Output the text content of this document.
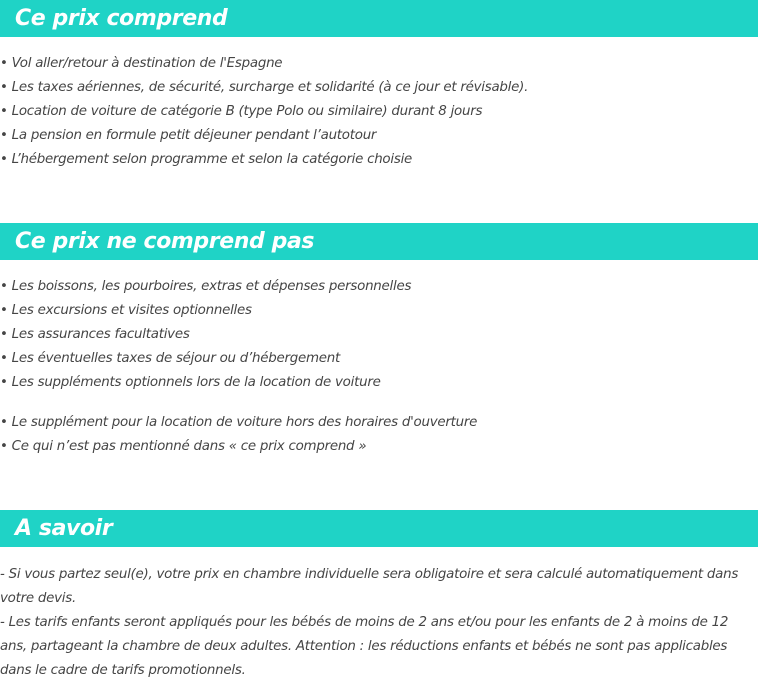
Ce prix comprend
• Vol aller/retour à destination de l'Espagne
• Les taxes aériennes, de sécurité, surcharge et solidarité (à ce jour et révisable).
• Location de voiture de catégorie B (type Polo ou similaire) durant 8 jours
• La pension en formule petit déjeuner pendant l’autotour
• L’hébergement selon programme et selon la catégorie choisie
Ce prix ne comprend pas
• Les boissons, les pourboires, extras et dépenses personnelles
• Les excursions et visites optionnelles
• Les assurances facultatives
• Les éventuelles taxes de séjour ou d’hébergement
• Les suppléments optionnels lors de la location de voiture
• Le supplément pour la location de voiture hors des horaires d'ouverture
• Ce qui n’est pas mentionné dans « ce prix comprend »
A savoir

- Si vous partez seul(e), votre prix en chambre individuelle sera obligatoire et sera calculé automatiquement dans votre devis.

- Les tarifs enfants seront appliqués pour les bébés de moins de 2 ans et/ou pour les enfants de 2 à moins de 12 ans, partageant la chambre de deux adultes. Attention : les réductions enfants et bébés ne sont pas applicables dans le cadre de tarifs promotionnels.
